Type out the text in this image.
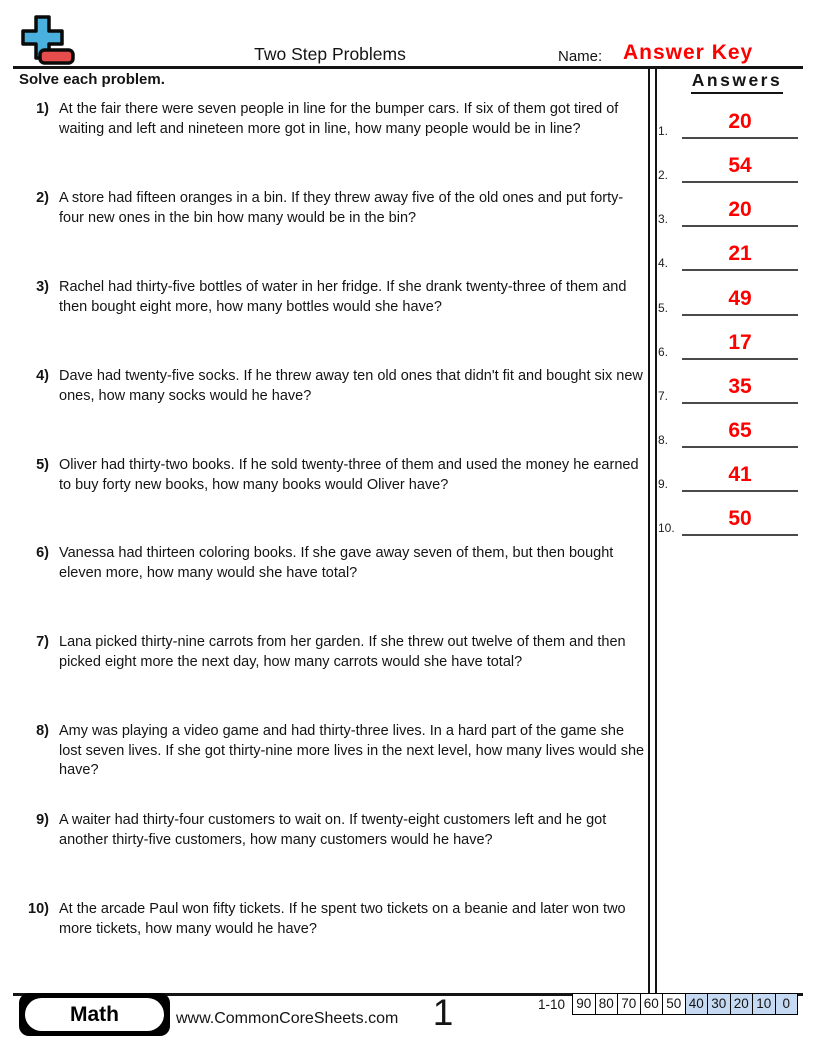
Two Step Problems	Name: Answer Key
Solve each problem.
1) At the fair there were seven people in line for the bumper cars. If six of them got tired of waiting and left and nineteen more got in line, how many people would be in line?
2) A store had fifteen oranges in a bin. If they threw away five of the old ones and put forty-four new ones in the bin how many would be in the bin?
3) Rachel had thirty-five bottles of water in her fridge. If she drank twenty-three of them and then bought eight more, how many bottles would she have?
4) Dave had twenty-five socks. If he threw away ten old ones that didn't fit and bought six new ones, how many socks would he have?
5) Oliver had thirty-two books. If he sold twenty-three of them and used the money he earned to buy forty new books, how many books would Oliver have?
6) Vanessa had thirteen coloring books. If she gave away seven of them, but then bought eleven more, how many would she have total?
7) Lana picked thirty-nine carrots from her garden. If she threw out twelve of them and then picked eight more the next day, how many carrots would she have total?
8) Amy was playing a video game and had thirty-three lives. In a hard part of the game she lost seven lives. If she got thirty-nine more lives in the next level, how many lives would she have?
9) A waiter had thirty-four customers to wait on. If twenty-eight customers left and he got another thirty-five customers, how many customers would he have?
10) At the arcade Paul won fifty tickets. If he spent two tickets on a beanie and later won two more tickets, how many would he have?
Answers
1.	20
2.	54
3.	20
4.	21
5.	49
6.	17
7.	35
8.	65
9.	41
10.	50
Math	www.CommonCoreSheets.com 1	1-10 90 80 70 60 50 40 30 20 10 0
